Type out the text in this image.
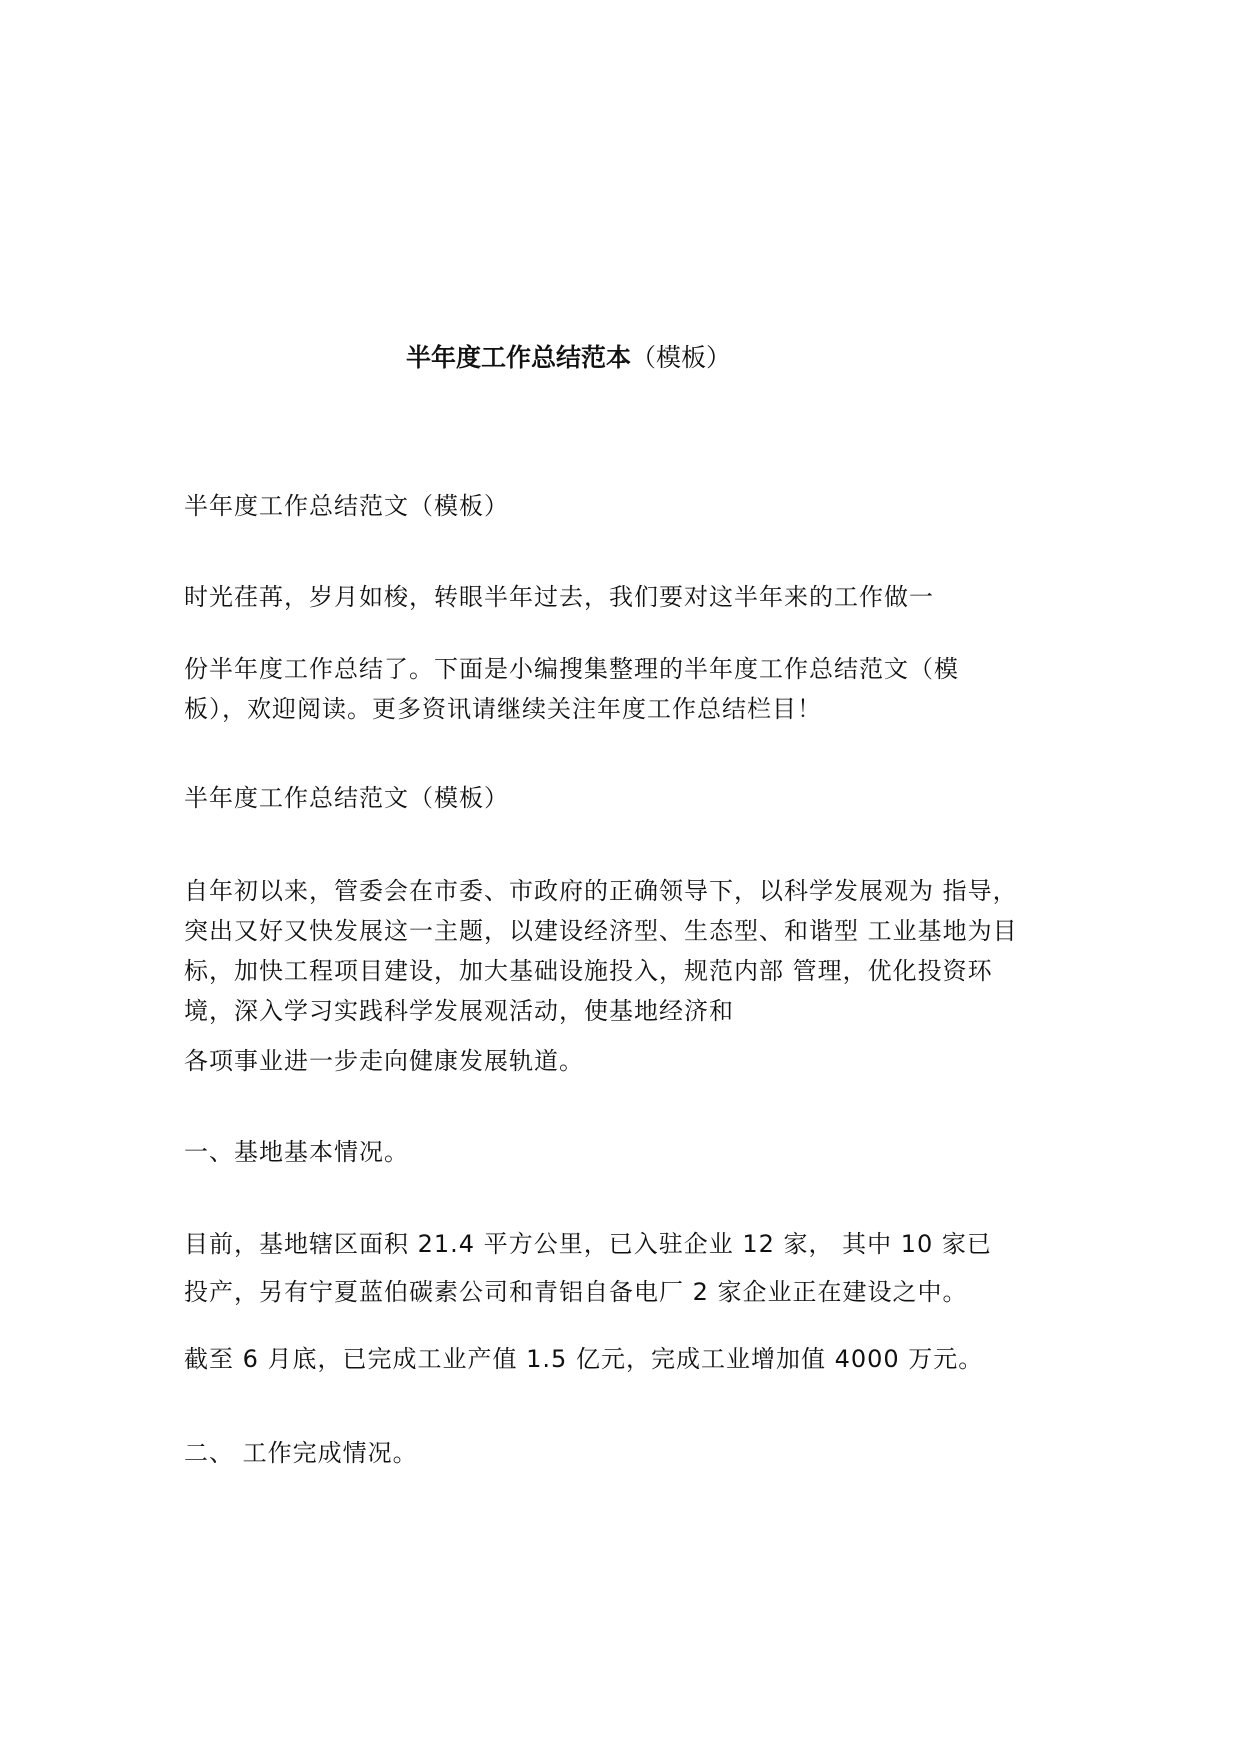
半年度工作总结范本（模板）
半年度工作总结范文（模板）
时光荏苒，岁月如梭，转眼半年过去，我们要对这半年来的工作做一
份半年度工作总结了。下面是小编搜集整理的半年度工作总结范文（模
板），欢迎阅读。更多资讯请继续关注年度工作总结栏目！
半年度工作总结范文（模板）
自年初以来，管委会在市委、市政府的正确领导下，以科学发展观为 指导，
突出又好又快发展这一主题，以建设经济型、生态型、和谐型 工业基地为目
标，加快工程项目建设，加大基础设施投入，规范内部 管理，优化投资环
境，深入学习实践科学发展观活动，使基地经济和
各项事业进一步走向健康发展轨道。
一、基地基本情况。
目前，基地辖区面积 21.4 平方公里，已入驻企业 12 家， 其中 10 家已
投产，另有宁夏蓝伯碳素公司和青铝自备电厂 2 家企业正在建设之中。
截至 6 月底，已完成工业产值 1.5 亿元，完成工业增加值 4000 万元。
二、 工作完成情况。
